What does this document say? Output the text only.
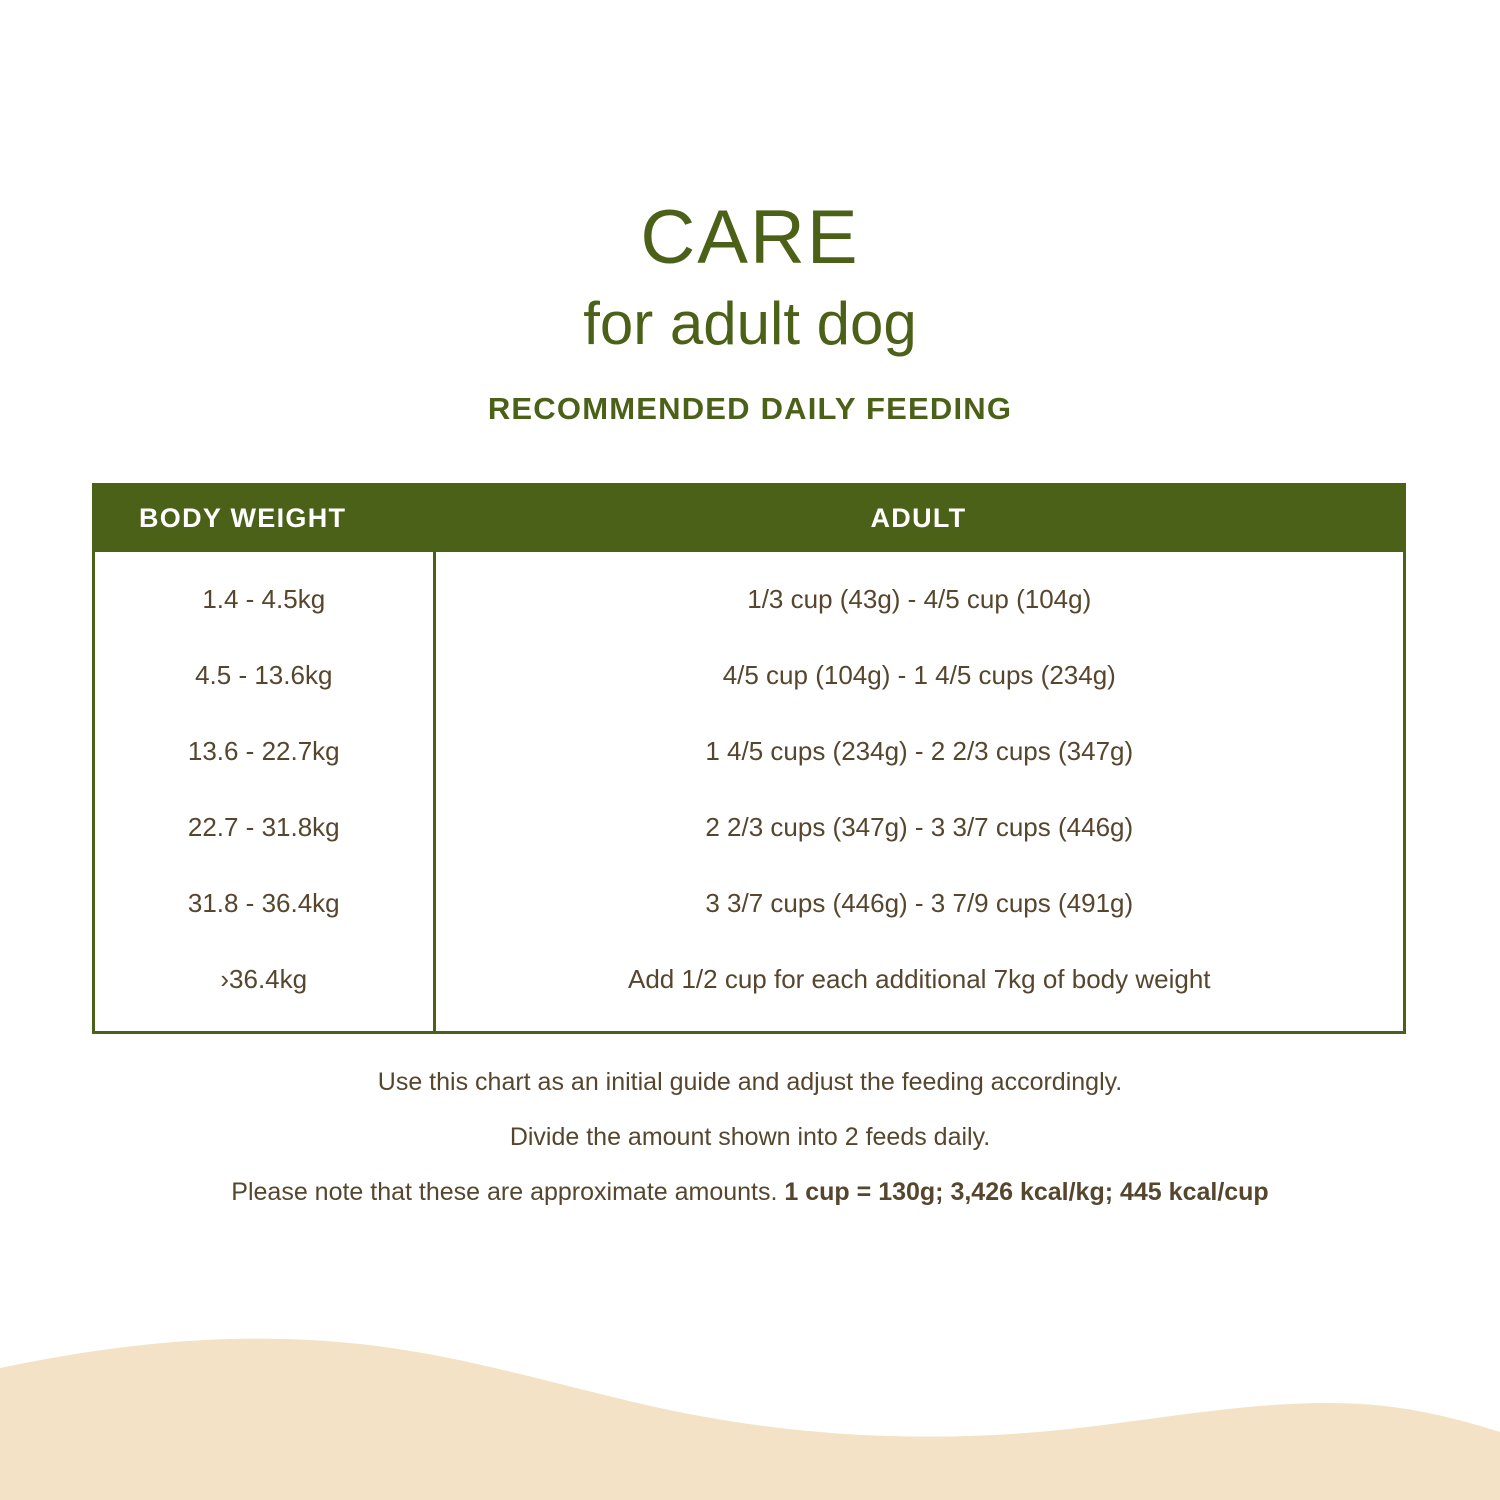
CARE
for adult dog
RECOMMENDED DAILY FEEDING
BODY WEIGHT	ADULT
1.4 - 4.5kg	1/3 cup (43g) - 4/5 cup (104g)
4.5 - 13.6kg	4/5 cup (104g) - 1 4/5 cups (234g)
13.6 - 22.7kg	1 4/5 cups (234g) - 2 2/3 cups (347g)
22.7 - 31.8kg	2 2/3 cups (347g) - 3 3/7 cups (446g)
31.8 - 36.4kg	3 3/7 cups (446g) - 3 7/9 cups (491g)
›36.4kg	Add 1/2 cup for each additional 7kg of body weight
Use this chart as an initial guide and adjust the feeding accordingly.
Divide the amount shown into 2 feeds daily.
Please note that these are approximate amounts. 1 cup = 130g; 3,426 kcal/kg; 445 kcal/cup
